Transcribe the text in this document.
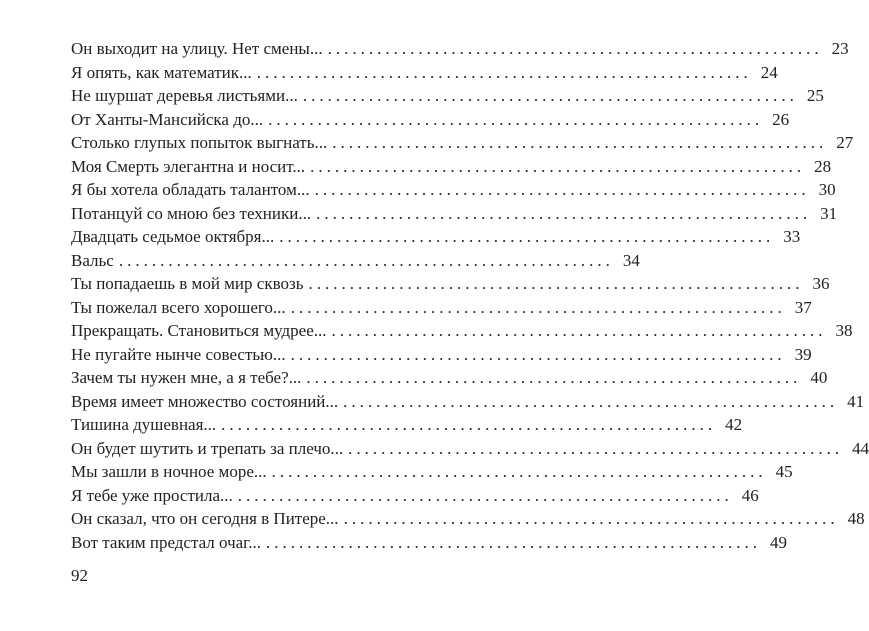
Он выходит на улицу. Нет смены... ............................................................ 23
Я опять, как математик... ............................................................ 24
Не шуршат деревья листьями... ............................................................ 25
От Ханты-Мансийска до... ............................................................ 26
Столько глупых попыток выгнать... ............................................................ 27
Моя Смерть элегантна и носит... ............................................................ 28
Я бы хотела обладать талантом... ............................................................ 30
Потанцуй со мною без техники... ............................................................ 31
Двадцать седьмое октября... ............................................................ 33
Вальс ............................................................ 34
Ты попадаешь в мой мир сквозь ............................................................ 36
Ты пожелал всего хорошего... ............................................................ 37
Прекращать. Становиться мудрее... ............................................................ 38
Не пугайте нынче совестью... ............................................................ 39
Зачем ты нужен мне, а я тебе?... ............................................................ 40
Время имеет множество состояний... ............................................................ 41
Тишина душевная... ............................................................ 42
Он будет шутить и трепать за плечо... ............................................................ 44
Мы зашли в ночное море... ............................................................ 45
Я тебе уже простила... ............................................................ 46
Он сказал, что он сегодня в Питере... ............................................................ 48
Вот таким предстал очаг... ............................................................ 49
92
